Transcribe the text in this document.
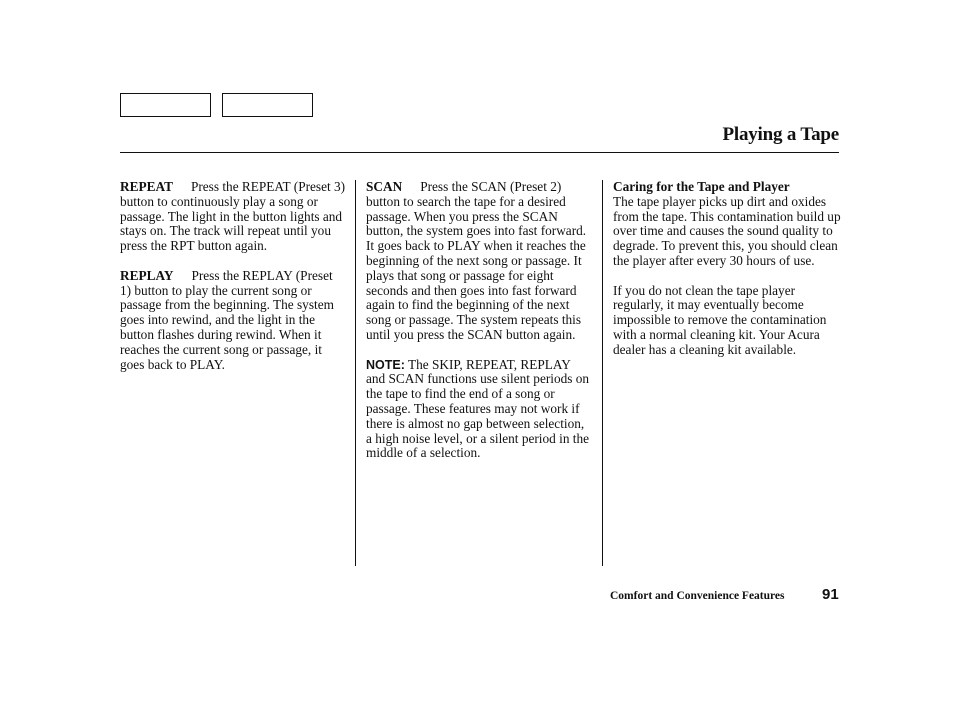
Playing a Tape

REPEAT Press the REPEAT (Preset 3) button to continuously play a song or passage. The light in the button lights and stays on. The track will repeat until you press the RPT button again.

REPLAY Press the REPLAY (Preset 1) button to play the current song or passage from the beginning. The system goes into rewind, and the light in the button flashes during rewind. When it reaches the current song or passage, it goes back to PLAY.

SCAN Press the SCAN (Preset 2) button to search the tape for a desired passage. When you press the SCAN button, the system goes into fast forward. It goes back to PLAY when it reaches the beginning of the next song or passage. It plays that song or passage for eight seconds and then goes into fast forward again to find the beginning of the next song or passage. The system repeats this until you press the SCAN button again.

NOTE: The SKIP, REPEAT, REPLAY and SCAN functions use silent periods on the tape to find the end of a song or passage. These features may not work if there is almost no gap between selection, a high noise level, or a silent period in the middle of a selection.

Caring for the Tape and Player
The tape player picks up dirt and oxides from the tape. This contamination build up over time and causes the sound quality to degrade. To prevent this, you should clean the player after every 30 hours of use.

If you do not clean the tape player regularly, it may eventually become impossible to remove the contamination with a normal cleaning kit. Your Acura dealer has a cleaning kit available.

Comfort and Convenience Features	91
